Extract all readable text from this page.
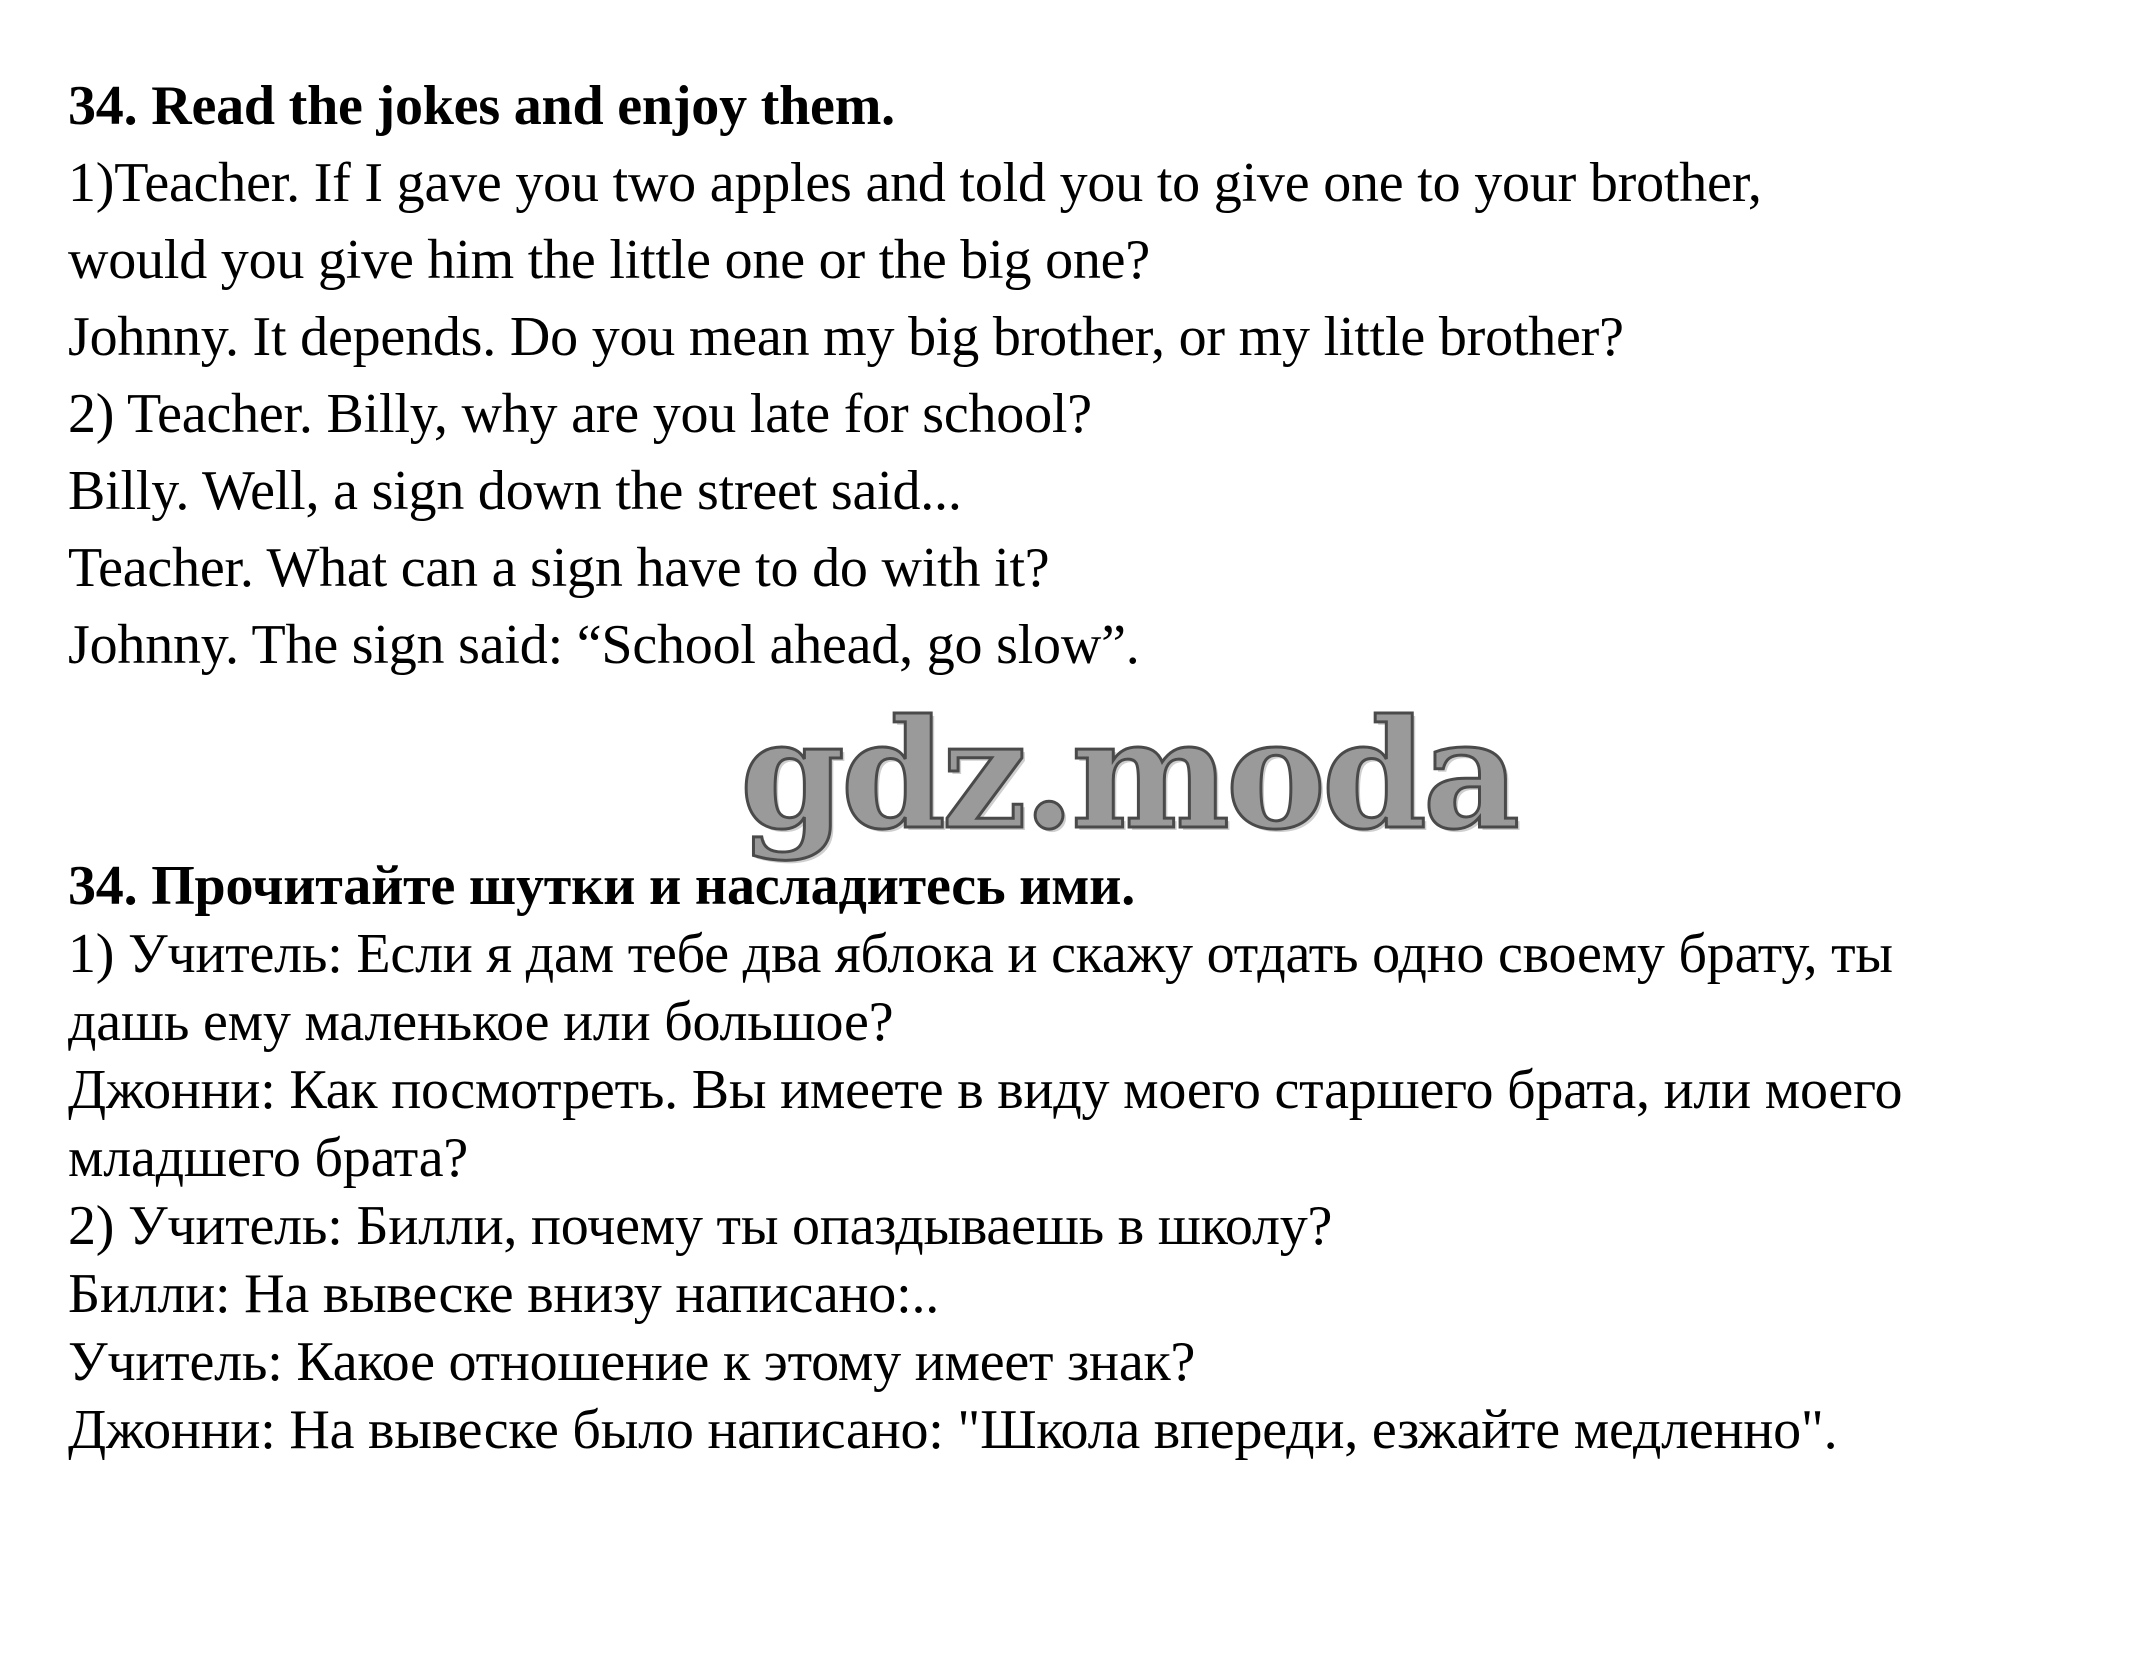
34. Read the jokes and enjoy them.
1)Teacher. If I gave you two apples and told you to give one to your brother,
would you give him the little one or the big one?
Johnny. It depends. Do you mean my big brother, or my little brother?
2) Teacher. Billy, why are you late for school?
Billy. Well, a sign down the street said...
Teacher. What can a sign have to do with it?
Johnny. The sign said: “School ahead, go slow”.
gdz.moda
34. Прочитайте шутки и насладитесь ими.
1) Учитель: Если я дам тебе два яблока и скажу отдать одно своему брату, ты
дашь ему маленькое или большое?
Джонни: Как посмотреть. Вы имеете в виду моего старшего брата, или моего
младшего брата?
2) Учитель: Билли, почему ты опаздываешь в школу?
Билли: На вывеске внизу написано:..
Учитель: Какое отношение к этому имеет знак?
Джонни: На вывеске было написано: "Школа впереди, езжайте медленно".
